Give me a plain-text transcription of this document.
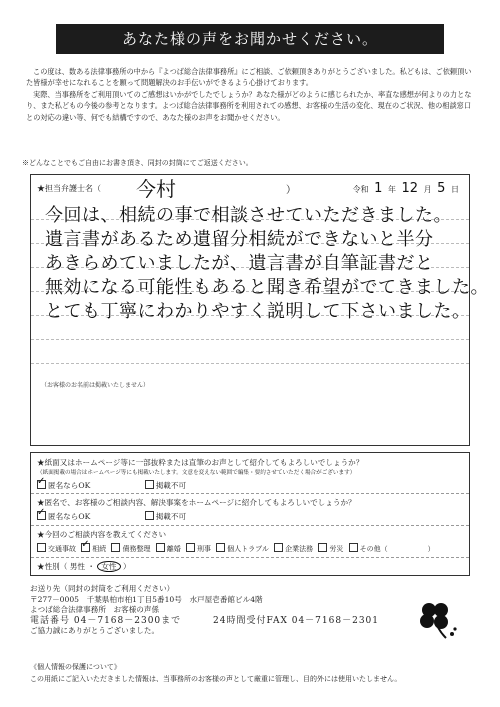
あなた様の声をお聞かせください。

この度は、数ある法律事務所の中から『よつば総合法律事務所』にご相談、ご依頼頂きありがとうございました。私どもは、ご依頼頂いた皆様が幸せになれることを願って問題解決のお手伝いができるよう心掛けております。

実際、当事務所をご利用頂いてのご感想はいかがでしたでしょうか？あなた様がどのように感じられたか、率直な感想が何よりの力となり、また私どもの今後の参考となります。よつば総合法律事務所を利用されての感想、お客様の生活の変化、現在のご状況、他の相談窓口との対応の違い等、何でも結構ですので、あなた様のお声をお聞かせください。

※どんなことでもご自由にお書き頂き、同封の封筒にてご返送ください。
★担当弁護士名（ 今村	）	令和 1 年 12 月 5 日
今回は、相続の事で相談させていただきました。
遺言書があるため遺留分相続ができないと半分
あきらめていましたが、遺言書が自筆証書だと
無効になる可能性もあると聞き希望がでてきました。
とても丁寧にわかりやすく説明して下さいました。
（お客様のお名前は掲載いたしません）
★紙面又はホームページ等に一部抜粋または直筆のお声として紹介してもよろしいでしょうか？
（紙面掲載の場合はホームページ等にも掲載いたします。文意を変えない範囲で編集・要約させていただく場合がございます）
✓匿名ならOK	掲載不可
★匿名で、お客様のご相談内容、解決事案をホームページに紹介してもよろしいでしょうか？
✓匿名ならOK	掲載不可
★今回のご相談内容を教えてください
交通事故 ✓ 相続 債務整理 離婚 刑事 個人トラブル 企業法務 労災 その他（	）
★性別（ 男性 ・ 女性 ）
お送り先（同封の封筒をご利用ください）
〒277－0005　千葉県柏市柏1丁目5番10号　水戸屋壱番館ビル4階
よつば総合法律事務所　お客様の声係
電話番号 04－7168－2300まで	24時間受付FAX 04－7168－2301
ご協力誠にありがとうございました。
《個人情報の保護について》
この用紙にご記入いただきました情報は、当事務所のお客様の声として厳重に管理し、目的外には使用いたしません。
